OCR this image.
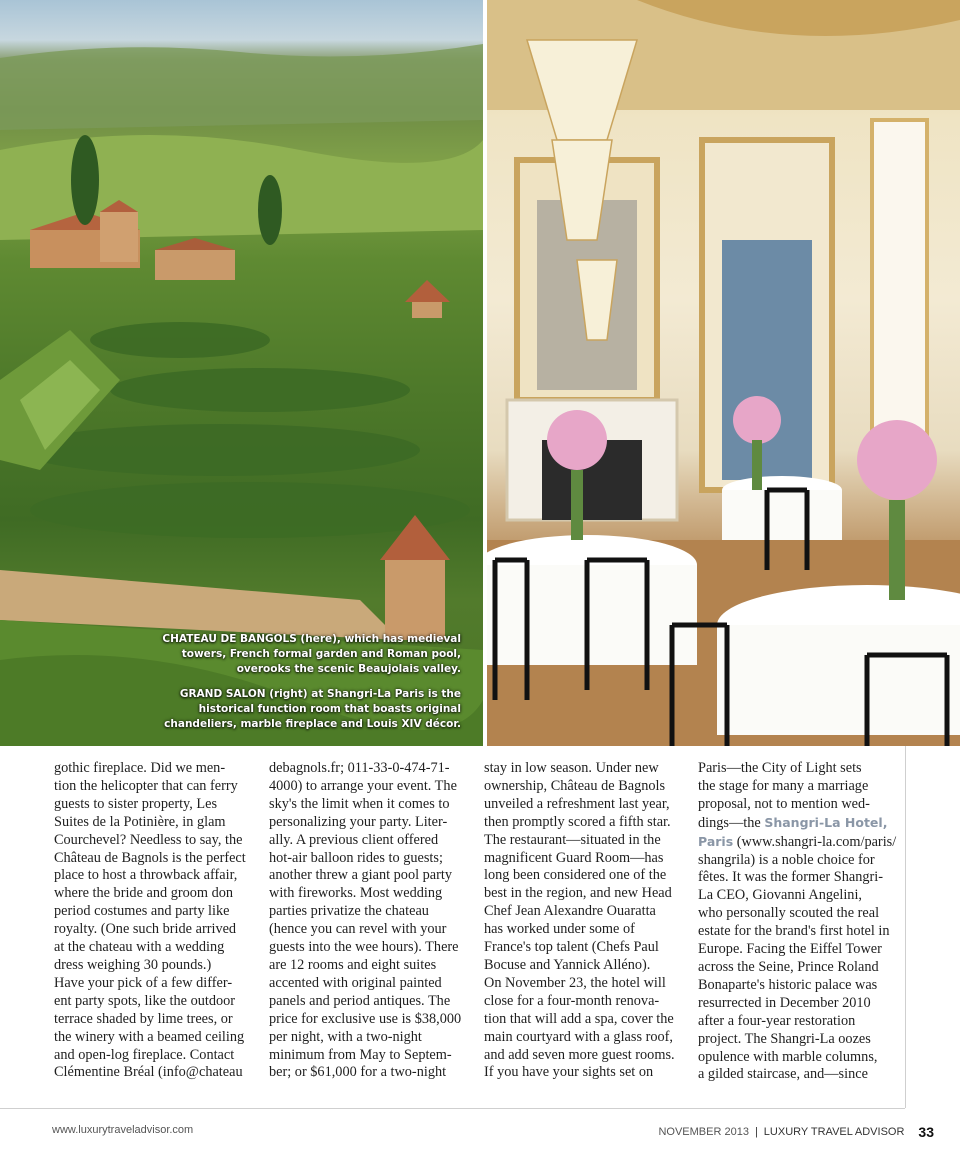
CHATEAU DE BANGOLS (here), which has medieval
towers, French formal garden and Roman pool,
overooks the scenic Beaujolais valley.

GRAND SALON (right) at Shangri-La Paris is the
historical function room that boasts original
chandeliers, marble fireplace and Louis XIV décor.

gothic fireplace. Did we men-
tion the helicopter that can ferry
guests to sister property, Les
Suites de la Potinière, in glam
Courchevel? Needless to say, the
Château de Bagnols is the perfect
place to host a throwback affair,
where the bride and groom don
period costumes and party like
royalty. (One such bride arrived
at the chateau with a wedding
dress weighing 30 pounds.)
Have your pick of a few differ-
ent party spots, like the outdoor
terrace shaded by lime trees, or
the winery with a beamed ceiling
and open-log fireplace. Contact
Clémentine Bréal (info@chateau
debagnols.fr; 011-33-0-474-71-
4000) to arrange your event. The
sky's the limit when it comes to
personalizing your party. Liter-
ally. A previous client offered
hot-air balloon rides to guests;
another threw a giant pool party
with fireworks. Most wedding
parties privatize the chateau
(hence you can revel with your
guests into the wee hours). There
are 12 rooms and eight suites
accented with original painted
panels and period antiques. The
price for exclusive use is $38,000
per night, with a two-night
minimum from May to Septem-
ber; or $61,000 for a two-night
stay in low season. Under new
ownership, Château de Bagnols
unveiled a refreshment last year,
then promptly scored a fifth star.
The restaurant—situated in the
magnificent Guard Room—has
long been considered one of the
best in the region, and new Head
Chef Jean Alexandre Ouaratta
has worked under some of
France's top talent (Chefs Paul
Bocuse and Yannick Alléno).
On November 23, the hotel will
close for a four-month renova-
tion that will add a spa, cover the
main courtyard with a glass roof,
and add seven more guest rooms.
If you have your sights set on
Paris—the City of Light sets
the stage for many a marriage
proposal, not to mention wed-
dings—the Shangri-La Hotel,
Paris (www.shangri-la.com/paris/
shangrila) is a noble choice for
fêtes. It was the former Shangri-
La CEO, Giovanni Angelini,
who personally scouted the real
estate for the brand's first hotel in
Europe. Facing the Eiffel Tower
across the Seine, Prince Roland
Bonaparte's historic palace was
resurrected in December 2010
after a four-year restoration
project. The Shangri-La oozes
opulence with marble columns,
a gilded staircase, and—since
www.luxurytraveladvisor.com	NOVEMBER 2013 | LUXURY TRAVEL ADVISOR 33
